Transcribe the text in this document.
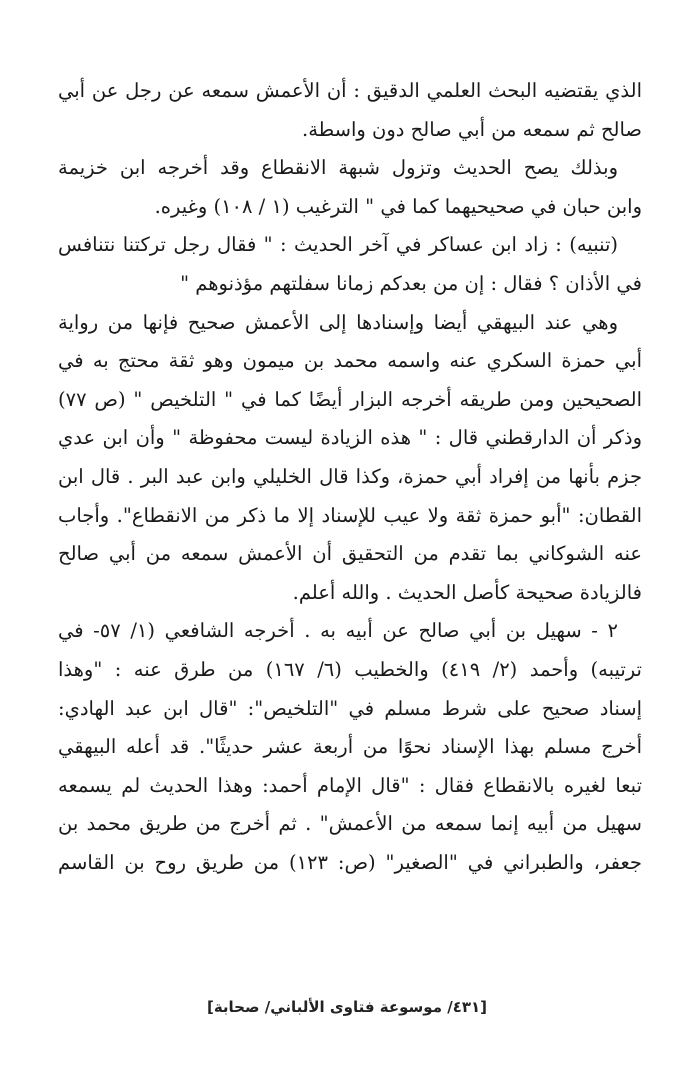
الذي يقتضيه البحث العلمي الدقيق : أن الأعمش سمعه عن رجل عن أبي
صالح ثم سمعه من أبي صالح دون واسطة.
وبذلك يصح الحديث وتزول شبهة الانقطاع وقد أخرجه ابن خزيمة
وابن حبان في صحيحيهما كما في " الترغيب (١ / ١٠٨) وغيره.
(تنبيه) : زاد ابن عساكر في آخر الحديث : " فقال رجل تركتنا نتنافس
في الأذان ؟ فقال : إن من بعدكم زمانا سفلتهم مؤذنوهم "
وهي عند البيهقي أيضا وإسنادها إلى الأعمش صحيح فإنها من رواية
أبي حمزة السكري عنه واسمه محمد بن ميمون وهو ثقة محتج به في
الصحيحين ومن طريقه أخرجه البزار أيضًا كما في " التلخيص " (ص ٧٧)
وذكر أن الدارقطني قال : " هذه الزيادة ليست محفوظة " وأن ابن عدي
جزم بأنها من إفراد أبي حمزة، وكذا قال الخليلي وابن عبد البر . قال ابن
القطان: "أبو حمزة ثقة ولا عيب للإسناد إلا ما ذكر من الانقطاع". وأجاب
عنه الشوكاني بما تقدم من التحقيق أن الأعمش سمعه من أبي صالح
فالزيادة صحيحة كأصل الحديث . والله أعلم.
٢ - سهيل بن أبي صالح عن أبيه به . أخرجه الشافعي (١/ ٥٧- في
ترتيبه) وأحمد (٢/ ٤١٩) والخطيب (٦/ ١٦٧) من طرق عنه : "وهذا
إسناد صحيح على شرط مسلم في "التلخيص": "قال ابن عبد الهادي:
أخرج مسلم بهذا الإسناد نحوًا من أربعة عشر حديثًا". قد أعله البيهقي
تبعا لغيره بالانقطاع فقال : "قال الإمام أحمد: وهذا الحديث لم يسمعه
سهيل من أبيه إنما سمعه من الأعمش" . ثم أخرج من طريق محمد بن
جعفر، والطبراني في "الصغير" (ص: ١٢٣) من طريق روح بن القاسم
[٤٣١/ موسوعة فتاوى الألباني/ صحابة]
